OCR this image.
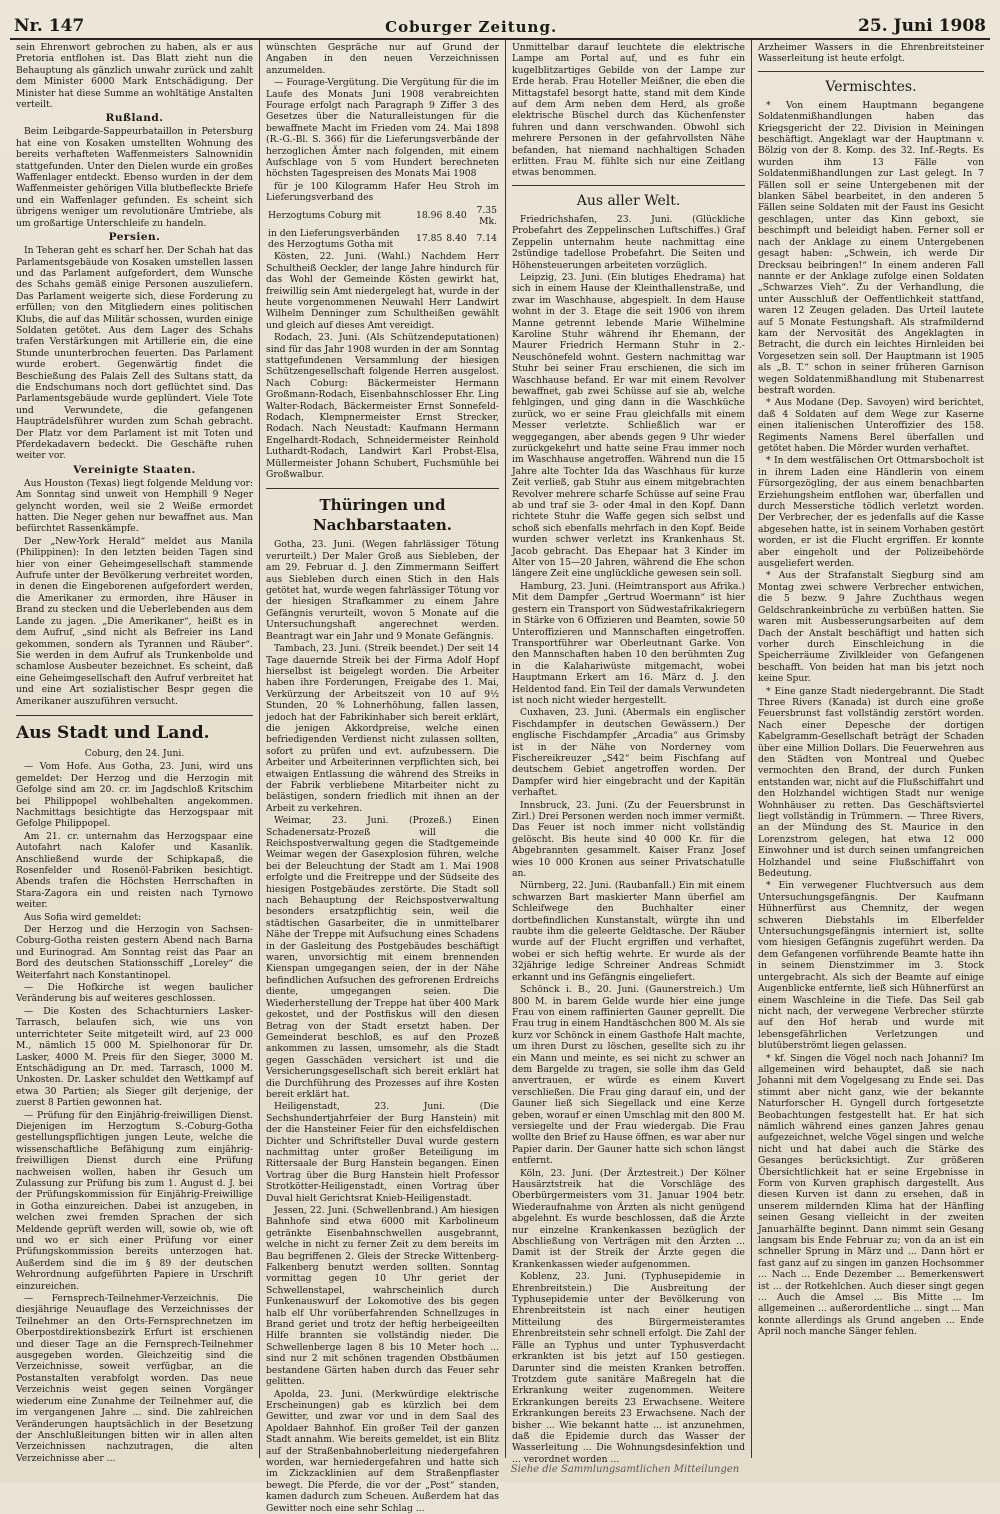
Nr. 147	Coburger Zeitung.	25. Juni 1908

sein Ehrenwort gebrochen zu haben, als er aus Pretoria entflohen ist. Das Blatt zieht nun die Behauptung als gänzlich unwahr zurück und zahlt dem Minister 6000 Mark Entschädigung. Der Minister hat diese Summe an wohltätige Anstalten verteilt.

Rußland.

Beim Leibgarde-Sappeurbataillon in Petersburg hat eine von Kosaken umstellten Wohnung des bereits verhafteten Waffenmeisters Salnownidin stattgefunden. Unter den Dielen wurde ein großes Waffenlager entdeckt. Ebenso wurden in der dem Waffenmeister gehörigen Villa blutbefleckte Briefe und ein Waffenlager gefunden. Es scheint sich übrigens weniger um revolutionäre Umtriebe, als um großartige Unterschleife zu handeln.

Persien.

In Teheran geht es scharf her. Der Schah hat das Parlamentsgebäude von Kosaken umstellen lassen und das Parlament aufgefordert, dem Wunsche des Schahs gemäß einige Personen auszuliefern. Das Parlament weigerte sich, diese Forderung zu erfüllen; von den Mitgliedern eines politischen Klubs, die auf das Militär schossen, wurden einige Soldaten getötet. Aus dem Lager des Schahs trafen Verstärkungen mit Artillerie ein, die eine Stunde ununterbrochen feuerten. Das Parlament wurde erobert. Gegenwärtig findet die Beschießung des Palais Zell des Sultans statt, da die Endschumans noch dort geflüchtet sind. Das Parlamentsgebäude wurde geplündert. Viele Tote und Verwundete, die gefangenen Haupträdelsführer wurden zum Schah gebracht. Der Platz vor dem Parlament ist mit Toten und Pferdekadavern bedeckt. Die Geschäfte ruhen weiter vor.

Vereinigte Staaten.

Aus Houston (Texas) liegt folgende Meldung vor: Am Sonntag sind unweit von Hemphill 9 Neger gelyncht worden, weil sie 2 Weiße ermordet hatten. Die Neger gehen nur bewaffnet aus. Man befürchtet Rassenkämpfe.

Der „New-York Herald“ meldet aus Manila (Philippinen): In den letzten beiden Tagen sind hier von einer Geheimgesellschaft stammende Aufrufe unter der Bevölkerung verbreitet worden, in denen die Eingeborenen aufgefordert werden, die Amerikaner zu ermorden, ihre Häuser in Brand zu stecken und die Ueberlebenden aus dem Lande zu jagen. „Die Amerikaner“, heißt es in dem Aufruf, „sind nicht als Befreier ins Land gekommen, sondern als Tyrannen und Räuber“. Sie werden in dem Aufruf als Trunkenbolde und schamlose Ausbeuter bezeichnet. Es scheint, daß eine Geheimgesellschaft den Aufruf verbreitet hat und eine Art sozialistischer Bespr gegen die Amerikaner auszuführen versucht.

Aus Stadt und Land.
Coburg, den 24. Juni.

— Vom Hofe. Aus Gotha, 23. Juni, wird uns gemeldet: Der Herzog und die Herzogin mit Gefolge sind am 20. cr. im Jagdschloß Kritschim bei Philippopel wohlbehalten angekommen. Nachmittags besichtigte das Herzogspaar mit Gefolge Philippopel.

Am 21. cr. unternahm das Herzogspaar eine Autofahrt nach Kalofer und Kasanlik. Anschließend wurde der Schipkapaß, die Rosenfelder und Rosenöl-Fabriken besichtigt. Abends trafen die Höchsten Herrschaften in Stara-Zagora ein und reisten nach Tyrnowo weiter.

Aus Sofia wird gemeldet:

Der Herzog und die Herzogin von Sachsen-Coburg-Gotha reisten gestern Abend nach Barna und Eurinograd. Am Sonntag reist das Paar an Bord des deutschen Stationsschiff „Loreley“ die Weiterfahrt nach Konstantinopel.

— Die Hofkirche ist wegen baulicher Veränderung bis auf weiteres geschlossen.

— Die Kosten des Schachturniers Lasker-Tarrasch, belaufen sich, wie uns von unterrichteter Seite mitgeteilt wird, auf 23 000 M., nämlich 15 000 M. Spielhonorar für Dr. Lasker, 4000 M. Preis für den Sieger, 3000 M. Entschädigung an Dr. med. Tarrasch, 1000 M. Unkosten. Dr. Lasker schuldet den Wettkampf auf etwa 30 Partien; als Sieger gilt derjenige, der zuerst 8 Partien gewonnen hat.

— Prüfung für den Einjährig-freiwilligen Dienst. Diejenigen im Herzogtum S.-Coburg-Gotha gestellungspflichtigen jungen Leute, welche die wissenschaftliche Befähigung zum einjährig-freiwilligen Dienst durch eine Prüfung nachweisen wollen, haben ihr Gesuch um Zulassung zur Prüfung bis zum 1. August d. J. bei der Prüfungskommission für Einjährig-Freiwillige in Gotha einzureichen. Dabei ist anzugeben, in welchen zwei fremden Sprachen der sich Meldende geprüft werden will, sowie ob, wie oft und wo er sich einer Prüfung vor einer Prüfungskommission bereits unterzogen hat. Außerdem sind die im § 89 der deutschen Wehrordnung aufgeführten Papiere in Urschrift einzureichen.

— Fernsprech-Teilnehmer-Verzeichnis. Die diesjährige Neuauflage des Verzeichnisses der Teilnehmer an den Orts-Fernsprechnetzen im Oberpostdirektionsbezirk Erfurt ist erschienen und dieser Tage an die Fernsprech-Teilnehmer ausgegeben worden. Gleichzeitig sind die Verzeichnisse, soweit verfügbar, an die Postanstalten verabfolgt worden. Das neue Verzeichnis weist gegen seinen Vorgänger wiederum eine Zunahme der Teilnehmer auf, die im vergangenen Jahre ... sind. Die zahlreichen Veränderungen hauptsächlich in der Besetzung der Anschlußleitungen bitten wir in allen alten Verzeichnissen nachzutragen, die alten Verzeichnisse aber ...

wünschten Gespräche nur auf Grund der Angaben in den neuen Verzeichnissen anzumelden.

— Fourage-Vergütung. Die Vergütung für die im Laufe des Monats Juni 1908 verabreichten Fourage erfolgt nach Paragraph 9 Ziffer 3 des Gesetzes über die Naturalleistungen für die bewaffnete Macht im Frieden vom 24. Mai 1898 (R.-G.-Bl. S. 366) für die Lieferungsverbände der herzoglichen Ämter nach folgenden, mit einem Aufschlage von 5 vom Hundert berechneten höchsten Tagespreisen des Monats Mai 1908

für je 100 Kilogramm Hafer Heu Stroh im Lieferungsverband des

Herzogtums Coburg mit	18.96	8.40	7.35 Mk.
in den Lieferungsverbänden des Herzogtums Gotha mit	17.85	8.40	7.14

Kösten, 22. Juni. (Wahl.) Nachdem Herr Schultheiß Oeckler, der lange Jahre hindurch für das Wohl der Gemeinde Kösten gewirkt hat, freiwillig sein Amt niedergelegt hat, wurde in der heute vorgenommenen Neuwahl Herr Landwirt Wilhelm Denninger zum Schultheißen gewählt und gleich auf dieses Amt vereidigt.

Rodach, 23. Juni. (Als Schützendeputationen) sind für das Jahr 1908 wurden in der am Sonntag stattgefundenen Versammlung der hiesigen Schützengesellschaft folgende Herren ausgelost. Nach Coburg: Bäckermeister Hermann Großmann-Rodach, Eisenbahnschlosser Ehr. Ling Walter-Rodach, Bäckermeister Ernst Sonnefeld-Rodach, Klempnermeister Ernst Strecker, Rodach. Nach Neustadt: Kaufmann Hermann Engelhardt-Rodach, Schneidermeister Reinhold Luthardt-Rodach, Landwirt Karl Probst-Elsa, Müllermeister Johann Schubert, Fuchsmühle bei Großwalbur.

Thüringen und Nachbarstaaten.

Gotha, 23. Juni. (Wegen fahrlässiger Tötung verurteilt.) Der Maler Groß aus Siebleben, der am 29. Februar d. J. den Zimmermann Seiffert aus Siebleben durch einen Stich in den Hals getötet hat, wurde wegen fahrlässiger Tötung vor der hiesigen Strafkammer zu einem Jahre Gefängnis verurteilt, wovon 5 Monate auf die Untersuchungshaft angerechnet werden. Beantragt war ein Jahr und 9 Monate Gefängnis.

Tambach, 23. Juni. (Streik beendet.) Der seit 14 Tage dauernde Streik bei der Firma Adolf Hopf hierselbst ist beigelegt worden. Die Arbeiter haben ihre Forderungen, Freigabe des 1. Mai, Verkürzung der Arbeitszeit von 10 auf 9½ Stunden, 20 % Lohnerhöhung, fallen lassen, jedoch hat der Fabrikinhaber sich bereit erklärt, die jenigen Akkordpreise, welche einen befriedigenden Verdienst nicht zulassen sollten, sofort zu prüfen und evt. aufzubessern. Die Arbeiter und Arbeiterinnen verpflichten sich, bei etwaigen Entlassung die während des Streiks in der Fabrik verbliebene Mitarbeiter nicht zu belästigen, sondern friedlich mit ihnen an der Arbeit zu verkehren.

Weimar, 23. Juni. (Prozeß.) Einen Schadenersatz-Prozeß will die Reichspostverwaltung gegen die Stadtgemeinde Weimar wegen der Gasexplosion führen, welche bei der Beleuchtung der Stadt am 1. Mai 1908 erfolgte und die Freitreppe und der Südseite des hiesigen Postgebäudes zerstörte. Die Stadt soll nach Behauptung der Reichspostverwaltung besonders ersatzpflichtig sein, weil die städtischen Gasarbeiter, die in unmittelbarer Nähe der Treppe mit Aufsuchung eines Schadens in der Gasleitung des Postgebäudes beschäftigt waren, unvorsichtig mit einem brennenden Kienspan umgegangen seien, der in der Nähe befindlichen Aufsuchen des gefrorenen Erdreichs diente, umgegangen seien. Die Wiederherstellung der Treppe hat über 400 Mark gekostet, und der Postfiskus will den diesen Betrag von der Stadt ersetzt haben. Der Gemeinderat beschloß, es auf den Prozeß ankommen zu lassen, umsomehr, als die Stadt gegen Gasschäden versichert ist und die Versicherungsgesellschaft sich bereit erklärt hat die Durchführung des Prozesses auf ihre Kosten bereit erklärt hat.

Heiligenstadt, 23. Juni. (Die Sechshundertjahrfeier der Burg Hanstein) mit der die Hansteiner Feier für den eichsfeldischen Dichter und Schriftsteller Duval wurde gestern nachmittag unter großer Beteiligung im Rittersaale der Burg Hanstein begangen. Einen Vortrag über die Burg Hanstein hielt Professor Strotkötter-Heiligenstadt, einen Vortrag über Duval hielt Gerichtsrat Knieb-Heiligenstadt.

Jessen, 22. Juni. (Schwellenbrand.) Am hiesigen Bahnhofe sind etwa 6000 mit Karbolineum getränkte Eisenbahnschwellen ausgebrannt, welche in nicht zu ferner Zeit zu dem bereits im Bau begriffenen 2. Gleis der Strecke Wittenberg-Falkenberg benutzt werden sollten. Sonntag vormittag gegen 10 Uhr geriet der Schwellenstapel, wahrscheinlich durch Funkenauswurf der Lokomotive des bis gegen halb elf Uhr vorüberfahrenden Schnellzuges in Brand geriet und trotz der heftig herbeigeeilten Hilfe brannten sie vollständig nieder. Die Schwellenberge lagen 8 bis 10 Meter hoch ... sind nur 2 mit schönen tragenden Obstbäumen bestandene Gärten haben durch das Feuer sehr gelitten.

Apolda, 23. Juni. (Merkwürdige elektrische Erscheinungen) gab es kürzlich bei dem Gewitter, und zwar vor und in dem Saal des Apoldaer Bahnhof. Ein großer Teil der ganzen Stadt annahm. Wie bereits gemeldet, ist ein Blitz auf der Straßenbahnoberleitung niedergefahren worden, war herniedergefahren und hatte sich im Zickzacklinien auf dem Straßenpflaster bewegt. Die Pferde, die vor der „Post“ standen, kamen dadurch zum Scheuen. Außerdem hat das Gewitter noch eine sehr Schlag ...

Unmittelbar darauf leuchtete die elektrische Lampe am Portal auf, und es fuhr ein kugelblitzartiges Gebilde von der Lampe zur Erde herab. Frau Hoteller Meißner, die eben die Mittagstafel besorgt hatte, stand mit dem Kinde auf dem Arm neben dem Herd, als große elektrische Büschel durch das Küchenfenster fuhren und dann verschwanden. Obwohl sich mehrere Personen in der gefahrvollsten Nähe befanden, hat niemand nachhaltigen Schaden erlitten. Frau M. fühlte sich nur eine Zeitlang etwas benommen.

Aus aller Welt.

Friedrichshafen, 23. Juni. (Glückliche Probefahrt des Zeppelinschen Luftschiffes.) Graf Zeppelin unternahm heute nachmittag eine 2stündige tadellose Probefahrt. Die Seiten und Höhensteuerungen arbeiteten vorzüglich.

Leipzig, 23. Juni. (Ein blutiges Ehedrama) hat sich in einem Hause der Kleinthallenstraße, und zwar im Waschhause, abgespielt. In dem Hause wohnt in der 3. Etage die seit 1906 von ihrem Manne getrennt lebende Marie Wilhelmine Karoline Stuhr während ihr Ehemann, der Maurer Friedrich Hermann Stuhr in 2.-Neuschönefeld wohnt. Gestern nachmittag war Stuhr bei seiner Frau erschienen, die sich im Waschhause befand. Er war mit einem Revolver bewaffnet, gab zwei Schüsse auf sie ab, welche fehlgingen, und ging dann in die Waschküche zurück, wo er seine Frau gleichfalls mit einem Messer verletzte. Schließlich war er weggegangen, aber abends gegen 9 Uhr wieder zurückgekehrt und hatte seine Frau immer noch im Waschhause angetroffen. Während nun die 15 Jahre alte Tochter Ida das Waschhaus für kurze Zeit verließ, gab Stuhr aus einem mitgebrachten Revolver mehrere scharfe Schüsse auf seine Frau ab und traf sie 3- oder 4mal in den Kopf. Dann richtete Stuhr die Waffe gegen sich selbst und schoß sich ebenfalls mehrfach in den Kopf. Beide wurden schwer verletzt ins Krankenhaus St. Jacob gebracht. Das Ehepaar hat 3 Kinder im Alter von 15—20 Jahren, während die Ehe schon längere Zeit eine unglückliche gewesen sein soll.

Hamburg, 23. Juni. (Heimtransport aus Afrika.) Mit dem Dampfer „Gertrud Woermann“ ist hier gestern ein Transport von Südwestafrikakriegern in Stärke von 6 Offizieren und Beamten, sowie 50 Unteroffizieren und Mannschaften eingetroffen. Transportführer war Oberleutnant Garke. Von den Mannschaften haben 10 den berühmten Zug in die Kalahariwüste mitgemacht, wobei Hauptmann Erkert am 16. März d. J. den Heldentod fand. Ein Teil der damals Verwundeten ist noch nicht wieder hergestellt.

Cuxhaven, 23. Juni. (Abermals ein englischer Fischdampfer in deutschen Gewässern.) Der englische Fischdampfer „Arcadia“ aus Grimsby ist in der Nähe von Norderney vom Fischereikreuzer „S42“ beim Fischfang auf deutschem Gebiet angetroffen worden. Der Dampfer wird hier eingebracht und der Kapitän verhaftet.

Innsbruck, 23. Juni. (Zu der Feuersbrunst in Zirl.) Drei Personen werden noch immer vermißt. Das Feuer ist noch immer nicht vollständig gelöscht. Bis heute sind 40 000 Kr. für die Abgebrannten gesammelt. Kaiser Franz Josef wies 10 000 Kronen aus seiner Privatschatulle an.

Nürnberg, 22. Juni. (Raubanfall.) Ein mit einem schwarzen Bart maskierter Mann überfiel am Schleifwege den Buchhalter einer dortbefindlichen Kunstanstalt, würgte ihn und raubte ihm die geleerte Geldtasche. Der Räuber wurde auf der Flucht ergriffen und verhaftet, wobei er sich heftig wehrte. Er wurde als der 32jährige ledige Schreiner Andreas Schmidt erkannt und ins Gefängnis eingeliefert.

Schönck i. B., 20. Juni. (Gaunerstreich.) Um 800 M. in barem Gelde wurde hier eine junge Frau von einem raffinierten Gauner geprellt. Die Frau trug in einem Handtäschchen 800 M. Als sie kurz vor Schönck in einem Gasthofe Halt machte, um ihren Durst zu löschen, gesellte sich zu ihr ein Mann und meinte, es sei nicht zu schwer an dem Bargelde zu tragen, sie solle ihm das Geld anvertrauen, er würde es einem Kuvert verschließen. Die Frau ging darauf ein, und der Gauner ließ sich Siegellack und eine Kerze geben, worauf er einen Umschlag mit den 800 M. versiegelte und der Frau wiedergab. Die Frau wollte den Brief zu Hause öffnen, es war aber nur Papier darin. Der Gauner hatte sich schon längst entfernt.

Köln, 23. Juni. (Der Ärztestreit.) Der Kölner Hausärztstreik hat die Vorschläge des Oberbürgermeisters vom 31. Januar 1904 betr. Wiederaufnahme von Ärzten als nicht genügend abgelehnt. Es wurde beschlossen, daß die Ärzte nur einzelne Krankenkassen bezüglich der Abschließung von Verträgen mit den Ärzten ... Damit ist der Streik der Ärzte gegen die Krankenkassen wieder aufgenommen.

Koblenz, 23. Juni. (Typhusepidemie in Ehrenbreitstein.) Die Ausbreitung der Typhusepidemie unter der Bevölkerung von Ehrenbreitstein ist nach einer heutigen Mitteilung des Bürgermeisteramtes Ehrenbreitstein sehr schnell erfolgt. Die Zahl der Fälle an Typhus und unter Typhusverdacht erkrankten ist bis jetzt auf 150 gestiegen. Darunter sind die meisten Kranken betroffen. Trotzdem gute sanitäre Maßregeln hat die Erkrankung weiter zugenommen. Weitere Erkrankungen bereits 23 Erwachsene. Weitere Erkrankungen bereits 23 Erwachsene. Nach der bisher ... Wie bekannt hatte ... ist anzunehmen, daß die Epidemie durch das Wasser der Wasserleitung ... Die Wohnungsdesinfektion und ... verordnet worden ...

Arzheimer Wassers in die Ehrenbreitsteiner Wasserleitung ist heute erfolgt.

Vermischtes.

* Von einem Hauptmann begangene Soldatenmißhandlungen haben das Kriegsgericht der 22. Division in Meiningen beschäftigt. Angeklagt war der Hauptmann v. Bölzig von der 8. Komp. des 32. Inf.-Regts. Es wurden ihm 13 Fälle von Soldatenmißhandlungen zur Last gelegt. In 7 Fällen soll er seine Untergebenen mit der blanken Säbel bearbeitet, in den anderen 5 Fällen seine Soldaten mit der Faust ins Gesicht geschlagen, unter das Kinn geboxt, sie beschimpft und beleidigt haben. Ferner soll er nach der Anklage zu einem Untergebenen gesagt haben: „Schwein, ich werde Dir Drecksau beibringen!“ In einem anderen Fall nannte er der Anklage zufolge einen Soldaten „Schwarzes Vieh“. Zu der Verhandlung, die unter Ausschluß der Oeffentlichkeit stattfand, waren 12 Zeugen geladen. Das Urteil lautete auf 5 Monate Festungshaft. Als strafmildernd kam der Nervosität des Angeklagten in Betracht, die durch ein leichtes Hirnleiden bei Vorgesetzen sein soll. Der Hauptmann ist 1905 als „B. T.“ schon in seiner früheren Garnison wegen Soldatenmißhandlung mit Stubenarrest bestraft worden.

* Aus Modane (Dep. Savoyen) wird berichtet, daß 4 Soldaten auf dem Wege zur Kaserne einen italienischen Unteroffizier des 158. Regiments Namens Berel überfallen und getötet haben. Die Mörder wurden verhaftet.

* In dem westfälischen Ort Ottmarsbocholt ist in ihrem Laden eine Händlerin von einem Fürsorgezögling, der aus einem benachbarten Erziehungsheim entflohen war, überfallen und durch Messerstiche tödlich verletzt worden. Der Verbrecher, der es jedenfalls auf die Kasse abgesehen hatte, ist in seinem Vorhaben gestört worden, er ist die Flucht ergriffen. Er konnte aber eingeholt und der Polizeibehörde ausgeliefert werden.

* Aus der Strafanstalt Siegburg sind am Montag zwei schwere Verbrecher entwichen, die 5 bezw. 9 Jahre Zuchthaus wegen Geldschrankeinbrüche zu verbüßen hatten. Sie waren mit Ausbesserungsarbeiten auf dem Dach der Anstalt beschäftigt und hatten sich vorher durch Einschleichung in die Speicherräume Zivilkleider von Gefangenen beschafft. Von beiden hat man bis jetzt noch keine Spur.

* Eine ganze Stadt niedergebrannt. Die Stadt Three Rivers (Kanada) ist durch eine große Feuersbrunst fast vollständig zerstört worden. Nach einer Depesche der dortigen Kabelgramm-Gesellschaft beträgt der Schaden über eine Million Dollars. Die Feuerwehren aus den Städten von Montreal und Quebec vermochten den Brand, der durch Funken entstanden war, nicht auf die Flußschiffahrt und den Holzhandel wichtigen Stadt nur wenige Wohnhäuser zu retten. Das Geschäftsviertel liegt vollständig in Trümmern. — Three Rivers, an der Mündung des St. Maurice in den Lorenzstrom gelegen, hat etwa 12 000 Einwohner und ist durch seinen umfangreichen Holzhandel und seine Flußschiffahrt von Bedeutung.

* Ein verwegener Fluchtversuch aus dem Untersuchungsgefängnis. Der Kaufmann Hühnerfürst aus Chemnitz, der wegen schweren Diebstahls im Elberfelder Untersuchungsgefängnis interniert ist, sollte vom hiesigen Gefängnis zugeführt werden. Da dem Gefangenen vorführende Beamte hatte ihn in seinem Dienstzimmer im 3. Stock untergebracht. Als sich der Beamte auf einige Augenblicke entfernte, ließ sich Hühnerfürst an einem Waschleine in die Tiefe. Das Seil gab nicht nach, der verwegene Verbrecher stürzte auf den Hof herab und wurde mit lebensgefährlichen Verletzungen und blutüberströmt liegen gelassen.

* kf. Singen die Vögel noch nach Johanni? Im allgemeinen wird behauptet, daß sie nach Johanni mit dem Vogelgesang zu Ende sei. Das stimmt aber nicht ganz, wie der bekannte Naturforscher H. Gyngell durch fortgesetzte Beobachtungen festgestellt hat. Er hat sich nämlich während eines ganzen Jahres genau aufgezeichnet, welche Vögel singen und welche nicht und hat dabei auch die Stärke des Gesanges berücksichtigt. Zur größeren Übersichtlichkeit hat er seine Ergebnisse in Form von Kurven graphisch dargestellt. Aus diesen Kurven ist dann zu ersehen, daß in unserem mildernden Klima hat der Hänfling seinen Gesang vielleicht in der zweiten Januarhälfte beginnt. Dann nimmt sein Gesang langsam bis Ende Februar zu; von da an ist ein schneller Sprung in März und ... Dann hört er fast ganz auf zu singen im ganzen Hochsommer ... Nach ... Ende Dezember ... Bemerkenswert ist ... der Rotkehlchen. Auch dieser singt gegen ... Auch die Amsel ... Bis Mitte ... Im allgemeinen ... außerordentliche ... singt ... Man konnte allerdings als Grund angeben ... Ende April noch manche Sänger fehlen.

Siehe die Sammlungsamtlichen Mitteilungen
